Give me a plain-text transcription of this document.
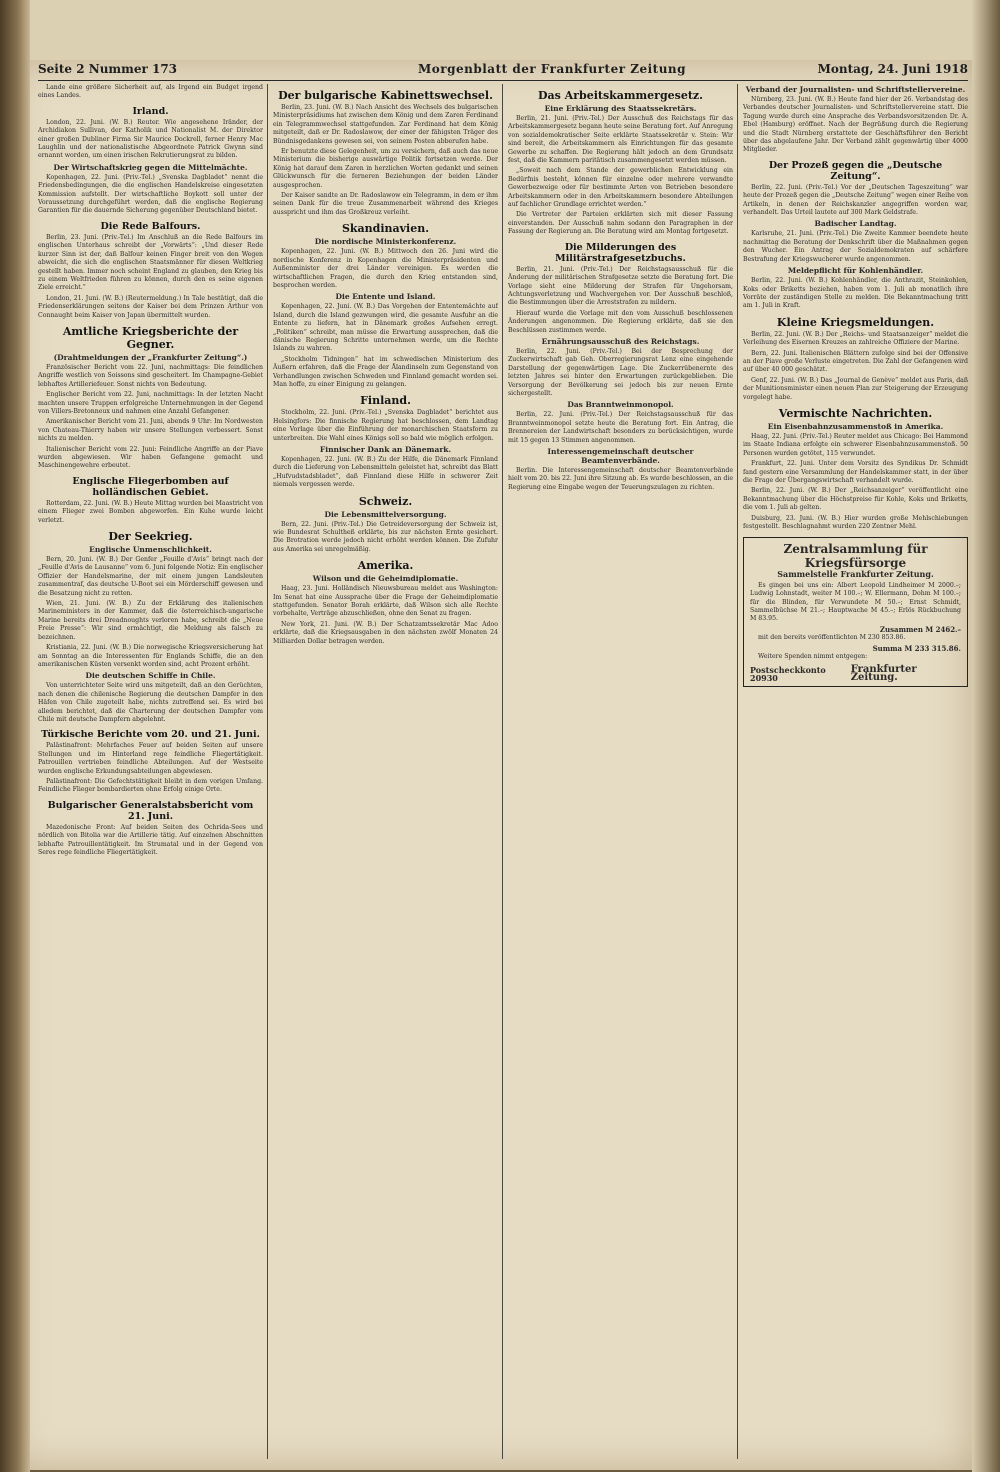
Seite 2 Nummer 173	Morgenblatt der Frankfurter Zeitung	Montag, 24. Juni 1918

Lande eine größere Sicherheit auf, als Irgend ein Budget irgend eines Landes.

Irland.

London, 22. Juni. (W. B.) Reuter. Wie angesehene Iränder, der Archidiakon Sullivan, der Katholik und Nationalist M. der Direktor einer großen Dubliner Firma Sir Maurice Dockrell, ferner Henry Mac Laughlin und der nationalistische Abgeordnete Patrick Gwynn sind ernannt worden, um einen irischen Rekrutierungsrat zu bilden.

Der Wirtschaftskrieg gegen die Mittelmächte.

Kopenhagen, 22. Juni. (Priv.-Tel.) „Svenska Dagbladet“ nennt die Friedensbedingungen, die die englischen Handelskreise eingesetzten Kommission aufstellt. Der wirtschaftliche Boykott soll unter der Voraussetzung durchgeführt werden, daß die englische Regierung Garantien für die dauernde Sicherung gegenüber Deutschland bietet.

Die Rede Balfours.

Berlin, 23. Juni. (Priv.-Tel.) Im Anschluß an die Rede Balfours im englischen Unterhaus schreibt der „Vorwärts“: „Und dieser Rede kurzer Sinn ist der, daß Balfour keinen Finger breit von den Wegen abweicht, die sich die englischen Staatsmänner für diesen Weltkrieg gestellt haben. Immer noch scheint England zu glauben, den Krieg bis zu einem Weltfrieden führen zu können, durch den es seine eigenen Ziele erreicht.“

London, 21. Juni. (W. B.) (Reutermeldung.) In Tale bestätigt, daß die Friedenserklärungen seitens der Kaiser bei dem Prinzen Arthur von Connaught beim Kaiser von Japan übermittelt wurden.

Amtliche Kriegsberichte der Gegner.
(Drahtmeldungen der „Frankfurter Zeitung“.)

Französischer Bericht vom 22. Juni, nachmittags: Die feindlichen Angriffe westlich von Soissons sind gescheitert. Im Champagne-Gebiet lebhaftes Artilleriefeuer. Sonst nichts von Bedeutung.

Englischer Bericht vom 22. Juni, nachmittags: In der letzten Nacht machten unsere Truppen erfolgreiche Unternehmungen in der Gegend von Villers-Bretonneux und nahmen eine Anzahl Gefangener.

Amerikanischer Bericht vom 21. Juni, abends 9 Uhr: Im Nordwesten von Chateau-Thierry haben wir unsere Stellungen verbessert. Sonst nichts zu melden.

Italienischer Bericht vom 22. Juni: Feindliche Angriffe an der Piave wurden abgewiesen. Wir haben Gefangene gemacht und Maschinengewehre erbeutet.

Englische Fliegerbomben auf holländischen Gebiet.

Rotterdam, 22. Juni. (W. B.) Heute Mittag wurden bei Maastricht von einem Flieger zwei Bomben abgeworfen. Ein Kuhe wurde leicht verletzt.

Der Seekrieg.
Englische Unmenschlichkeit.

Bern, 20. Juni. (W. B.) Der Genfer „Feuille d'Avis“ bringt nach der „Feuille d'Avis de Lausanne“ vom 6. Juni folgende Notiz: Ein englischer Offizier der Handelsmarine, der mit einem jungen Landsleuten zusammentraf, das deutsche U-Boot sei ein Mörderschiff gewesen und die Besatzung nicht zu retten.

Wien, 21. Juni. (W. B.) Zu der Erklärung des italienischen Marineministers in der Kammer, daß die österreichisch-ungarische Marine bereits drei Dreadnoughts verloren habe, schreibt die „Neue Freie Presse“: Wir sind ermächtigt, die Meldung als falsch zu bezeichnen.

Kristiania, 22. Juni. (W. B.) Die norwegische Kriegsversicherung hat am Sonntag an die Interessenten für Englands Schiffe, die an den amerikanischen Küsten versenkt worden sind, acht Prozent erhöht.

Die deutschen Schiffe in Chile.

Von unterrichteter Seite wird uns mitgeteilt, daß an den Gerüchten, nach denen die chilenische Regierung die deutschen Dampfer in den Häfen von Chile zugeteilt habe, nichts zutreffend sei. Es wird bei alledem berichtet, daß die Charterung der deutschen Dampfer vom Chile mit deutsche Dampfern abgelehnt.

Türkische Berichte vom 20. und 21. Juni.

Palästinafront: Mehrfaches Feuer auf beiden Seiten auf unsere Stellungen und im Hinterland rege feindliche Fliegertätigkeit. Patrouillen vertrieben feindliche Abteilungen. Auf der Westseite wurden englische Erkundungsabteilungen abgewiesen.

Palästinafront: Die Gefechtstätigkeit bleibt in dem vorigen Umfang. Feindliche Flieger bombardierten ohne Erfolg einige Orte.

Bulgarischer Generalstabsbericht vom 21. Juni.

Mazedonische Front: Auf beiden Seiten des Ochrida-Sees und nördlich von Bitolia war die Artillerie tätig. Auf einzelnen Abschnitten lebhafte Patrouillentätigkeit. Im Strumatal und in der Gegend von Seres rege feindliche Fliegertätigkeit.

Der bulgarische Kabinettswechsel.

Berlin, 23. Juni. (W. B.) Nach Ansicht des Wechsels des bulgarischen Ministerpräsidiums hat zwischen dem König und dem Zaren Ferdinand ein Telegrammwechsel stattgefunden. Zar Ferdinand hat dem König mitgeteilt, daß er Dr. Radoslawow, der einer der fähigsten Träger des Bündnisgedankens gewesen sei, von seinem Posten abberufen habe.

Er benutzte diese Gelegenheit, um zu versichern, daß auch das neue Ministerium die bisherige auswärtige Politik fortsetzen werde. Der König hat darauf dem Zaren in herzlichen Worten gedankt und seinen Glückwunsch für die ferneren Beziehungen der beiden Länder ausgesprochen.

Der Kaiser sandte an Dr. Radoslawow ein Telegramm, in dem er ihm seinen Dank für die treue Zusammenarbeit während des Krieges ausspricht und ihm das Großkreuz verleiht.

Skandinavien.
Die nordische Ministerkonferenz.

Kopenhagen, 22. Juni. (W. B.) Mittwoch den 26. Juni wird die nordische Konferenz in Kopenhagen die Ministerpräsidenten und Außenminister der drei Länder vereinigen. Es werden die wirtschaftlichen Fragen, die durch den Krieg entstanden sind, besprochen werden.

Die Entente und Island.

Kopenhagen, 22. Juni. (W. B.) Das Vorgehen der Ententemächte auf Island, durch die Island gezwungen wird, die gesamte Ausfuhr an die Entente zu liefern, hat in Dänemark großes Aufsehen erregt. „Politiken“ schreibt, man müsse die Erwartung aussprechen, daß die dänische Regierung Schritte unternehmen werde, um die Rechte Islands zu wahren.

„Stockholm Tidningen“ hat im schwedischen Ministerium des Äußern erfahren, daß die Frage der Ålandinseln zum Gegenstand von Verhandlungen zwischen Schweden und Finnland gemacht worden sei. Man hoffe, zu einer Einigung zu gelangen.

Finland.

Stockholm, 22. Juni. (Priv.-Tel.) „Svenska Dagbladet“ berichtet aus Helsingfors: Die finnische Regierung hat beschlossen, dem Landtag eine Vorlage über die Einführung der monarchischen Staatsform zu unterbreiten. Die Wahl eines Königs soll so bald wie möglich erfolgen.

Finnischer Dank an Dänemark.

Kopenhagen, 22. Juni. (W. B.) Zu der Hilfe, die Dänemark Finnland durch die Lieferung von Lebensmitteln geleistet hat, schreibt das Blatt „Hufvudstadsbladet“, daß Finnland diese Hilfe in schwerer Zeit niemals vergessen werde.

Schweiz.
Die Lebensmittelversorgung.

Bern, 22. Juni. (Priv.-Tel.) Die Getreideversorgung der Schweiz ist, wie Bundesrat Schultheß erklärte, bis zur nächsten Ernte gesichert. Die Brotration werde jedoch nicht erhöht werden können. Die Zufuhr aus Amerika sei unregelmäßig.

Amerika.
Wilson und die Geheimdiplomatie.

Haag, 23. Juni. Holländisch Nieuwsbureau meldet aus Washington: Im Senat hat eine Aussprache über die Frage der Geheimdiplomatie stattgefunden. Senator Borah erklärte, daß Wilson sich alle Rechte vorbehalte, Verträge abzuschließen, ohne den Senat zu fragen.

New York, 21. Juni. (W. B.) Der Schatzamtssekretär Mac Adoo erklärte, daß die Kriegsausgaben in den nächsten zwölf Monaten 24 Milliarden Dollar betragen werden.

Das Arbeitskammergesetz.
Eine Erklärung des Staatssekretärs.

Berlin, 21. Juni. (Priv.-Tel.) Der Ausschuß des Reichstags für das Arbeitskammergesetz begann heute seine Beratung fort. Auf Anregung von sozialdemokratischer Seite erklärte Staatssekretär v. Stein: Wir sind bereit, die Arbeitskammern als Einrichtungen für das gesamte Gewerbe zu schaffen. Die Regierung hält jedoch an dem Grundsatz fest, daß die Kammern paritätisch zusammengesetzt werden müssen.

„Soweit nach dem Stande der gewerblichen Entwicklung ein Bedürfnis besteht, können für einzelne oder mehrere verwandte Gewerbezweige oder für bestimmte Arten von Betrieben besondere Arbeitskammern oder in den Arbeitskammern besondere Abteilungen auf fachlicher Grundlage errichtet werden.“

Die Vertreter der Parteien erklärten sich mit dieser Fassung einverstanden. Der Ausschuß nahm sodann den Paragraphen in der Fassung der Regierung an. Die Beratung wird am Montag fortgesetzt.

Die Milderungen des Militärstrafgesetzbuchs.

Berlin, 21. Juni. (Priv.-Tel.) Der Reichstagsausschuß für die Änderung der militärischen Strafgesetze setzte die Beratung fort. Die Vorlage sieht eine Milderung der Strafen für Ungehorsam, Achtungsverletzung und Wachvergehen vor. Der Ausschuß beschloß, die Bestimmungen über die Arreststrafen zu mildern.

Hierauf wurde die Vorlage mit den vom Ausschuß beschlossenen Änderungen angenommen. Die Regierung erklärte, daß sie den Beschlüssen zustimmen werde.

Ernährungsausschuß des Reichstags.

Berlin, 22. Juni. (Priv.-Tel.) Bei der Besprechung der Zuckerwirtschaft gab Geh. Oberregierungsrat Lenz eine eingehende Darstellung der gegenwärtigen Lage. Die Zuckerrübenernte des letzten Jahres sei hinter den Erwartungen zurückgeblieben. Die Versorgung der Bevölkerung sei jedoch bis zur neuen Ernte sichergestellt.

Das Branntweinmonopol.

Berlin, 22. Juni. (Priv.-Tel.) Der Reichstagsausschuß für das Branntweinmonopol setzte heute die Beratung fort. Ein Antrag, die Brennereien der Landwirtschaft besonders zu berücksichtigen, wurde mit 15 gegen 13 Stimmen angenommen.

Interessengemeinschaft deutscher Beamtenverbände.

Berlin. Die Interessengemeinschaft deutscher Beamtenverbände hielt vom 20. bis 22. Juni ihre Sitzung ab. Es wurde beschlossen, an die Regierung eine Eingabe wegen der Teuerungszulagen zu richten.

Verband der Journalisten- und Schriftstellervereine.

Nürnberg, 23. Juni. (W. B.) Heute fand hier der 26. Verbandstag des Verbandes deutscher Journalisten- und Schriftstellervereine statt. Die Tagung wurde durch eine Ansprache des Verbandsvorsitzenden Dr. A. Ebel (Hamburg) eröffnet. Nach der Begrüßung durch die Regierung und die Stadt Nürnberg erstattete der Geschäftsführer den Bericht über das abgelaufene Jahr. Der Verband zählt gegenwärtig über 4000 Mitglieder.

Der Prozeß gegen die „Deutsche Zeitung“.

Berlin, 22. Juni. (Priv.-Tel.) Vor der „Deutschen Tageszeitung“ war heute der Prozeß gegen die „Deutsche Zeitung“ wegen einer Reihe von Artikeln, in denen der Reichskanzler angegriffen worden war, verhandelt. Das Urteil lautete auf 300 Mark Geldstrafe.

Badischer Landtag.

Karlsruhe, 21. Juni. (Priv.-Tel.) Die Zweite Kammer beendete heute nachmittag die Beratung der Denkschrift über die Maßnahmen gegen den Wucher. Ein Antrag der Sozialdemokraten auf schärfere Bestrafung der Kriegswucherer wurde angenommen.

Meldepflicht für Kohlenhändler.

Berlin, 22. Juni. (W. B.) Kohlenhändler, die Anthrazit, Steinkohlen, Koks oder Briketts beziehen, haben vom 1. Juli ab monatlich ihre Vorräte der zuständigen Stelle zu melden. Die Bekanntmachung tritt am 1. Juli in Kraft.

Kleine Kriegsmeldungen.

Berlin, 22. Juni. (W. B.) Der „Reichs- und Staatsanzeiger“ meldet die Verleihung des Eisernen Kreuzes an zahlreiche Offiziere der Marine.

Bern, 22. Juni. Italienischen Blättern zufolge sind bei der Offensive an der Piave große Verluste eingetreten. Die Zahl der Gefangenen wird auf über 40 000 geschätzt.

Genf, 22. Juni. (W. B.) Das „Journal de Genève“ meldet aus Paris, daß der Munitionsminister einen neuen Plan zur Steigerung der Erzeugung vorgelegt habe.

Vermischte Nachrichten.
Ein Eisenbahnzusammenstoß in Amerika.

Haag, 22. Juni. (Priv.-Tel.) Reuter meldet aus Chicago: Bei Hammond im Staate Indiana erfolgte ein schwerer Eisenbahnzusammenstoß. 50 Personen wurden getötet, 115 verwundet.

Frankfurt, 22. Juni. Unter dem Vorsitz des Syndikus Dr. Schmidt fand gestern eine Versammlung der Handelskammer statt, in der über die Frage der Übergangswirtschaft verhandelt wurde.

Berlin, 22. Juni. (W. B.) Der „Reichsanzeiger“ veröffentlicht eine Bekanntmachung über die Höchstpreise für Kohle, Koks und Briketts, die vom 1. Juli ab gelten.

Duisburg, 23. Juni. (W. B.) Hier wurden große Mehlschiebungen festgestellt. Beschlagnahmt wurden 220 Zentner Mehl.

Zentralsammlung für Kriegsfürsorge
Sammelstelle Frankfurter Zeitung.

Es gingen bei uns ein: Albert Leopold Lindheimer M 2000.–; Ludwig Lohnstadt, weiter M 100.–; W. Ellermann, Dohm M 100.–; für die Blinden, für Verwundete M 50.–; Ernst Schmidt, Sammelbüchse M 21.–; Hauptwache M 45.–; Erlös Rückbuchung M 83.95.

Zusammen M 2462.–

mit den bereits veröffentlichten M 230 853.86.

Summa M 233 315.86.

Weitere Spenden nimmt entgegen:

Postscheckkonto 20930
Frankfurter Zeitung.
